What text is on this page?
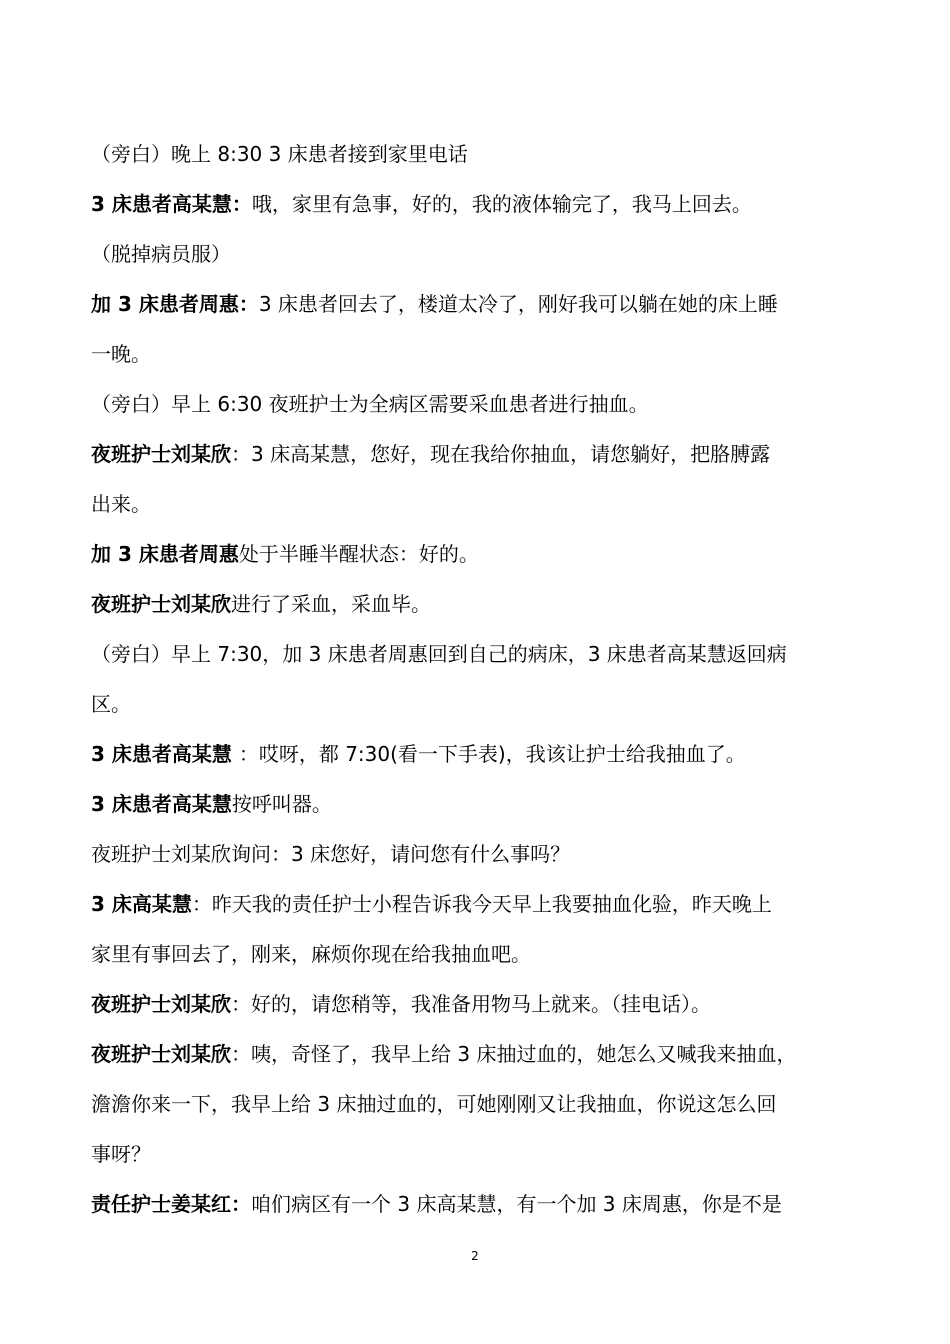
（旁白）晚上 8:30 3 床患者接到家里电话
3 床患者高某慧：哦，家里有急事，好的，我的液体输完了，我马上回去。
（脱掉病员服）
加 3 床患者周惠：3 床患者回去了，楼道太冷了，刚好我可以躺在她的床上睡
一晚。
（旁白）早上 6:30 夜班护士为全病区需要采血患者进行抽血。
夜班护士刘某欣：3 床高某慧，您好，现在我给你抽血，请您躺好，把胳膊露
出来。
加 3 床患者周惠处于半睡半醒状态：好的。
夜班护士刘某欣进行了采血，采血毕。
（旁白）早上 7:30，加 3 床患者周惠回到自己的病床，3 床患者高某慧返回病
区。
3 床患者高某慧 ：哎呀，都 7:30(看一下手表)，我该让护士给我抽血了。
3 床患者高某慧按呼叫器。
夜班护士刘某欣询问：3 床您好，请问您有什么事吗？
3 床高某慧：昨天我的责任护士小程告诉我今天早上我要抽血化验，昨天晚上
家里有事回去了，刚来，麻烦你现在给我抽血吧。
夜班护士刘某欣：好的，请您稍等，我准备用物马上就来。（挂电话）。
夜班护士刘某欣：咦，奇怪了，我早上给 3 床抽过血的，她怎么又喊我来抽血，
澹澹你来一下，我早上给 3 床抽过血的，可她刚刚又让我抽血，你说这怎么回
事呀？
责任护士姜某红：咱们病区有一个 3 床高某慧，有一个加 3 床周惠，你是不是
2
